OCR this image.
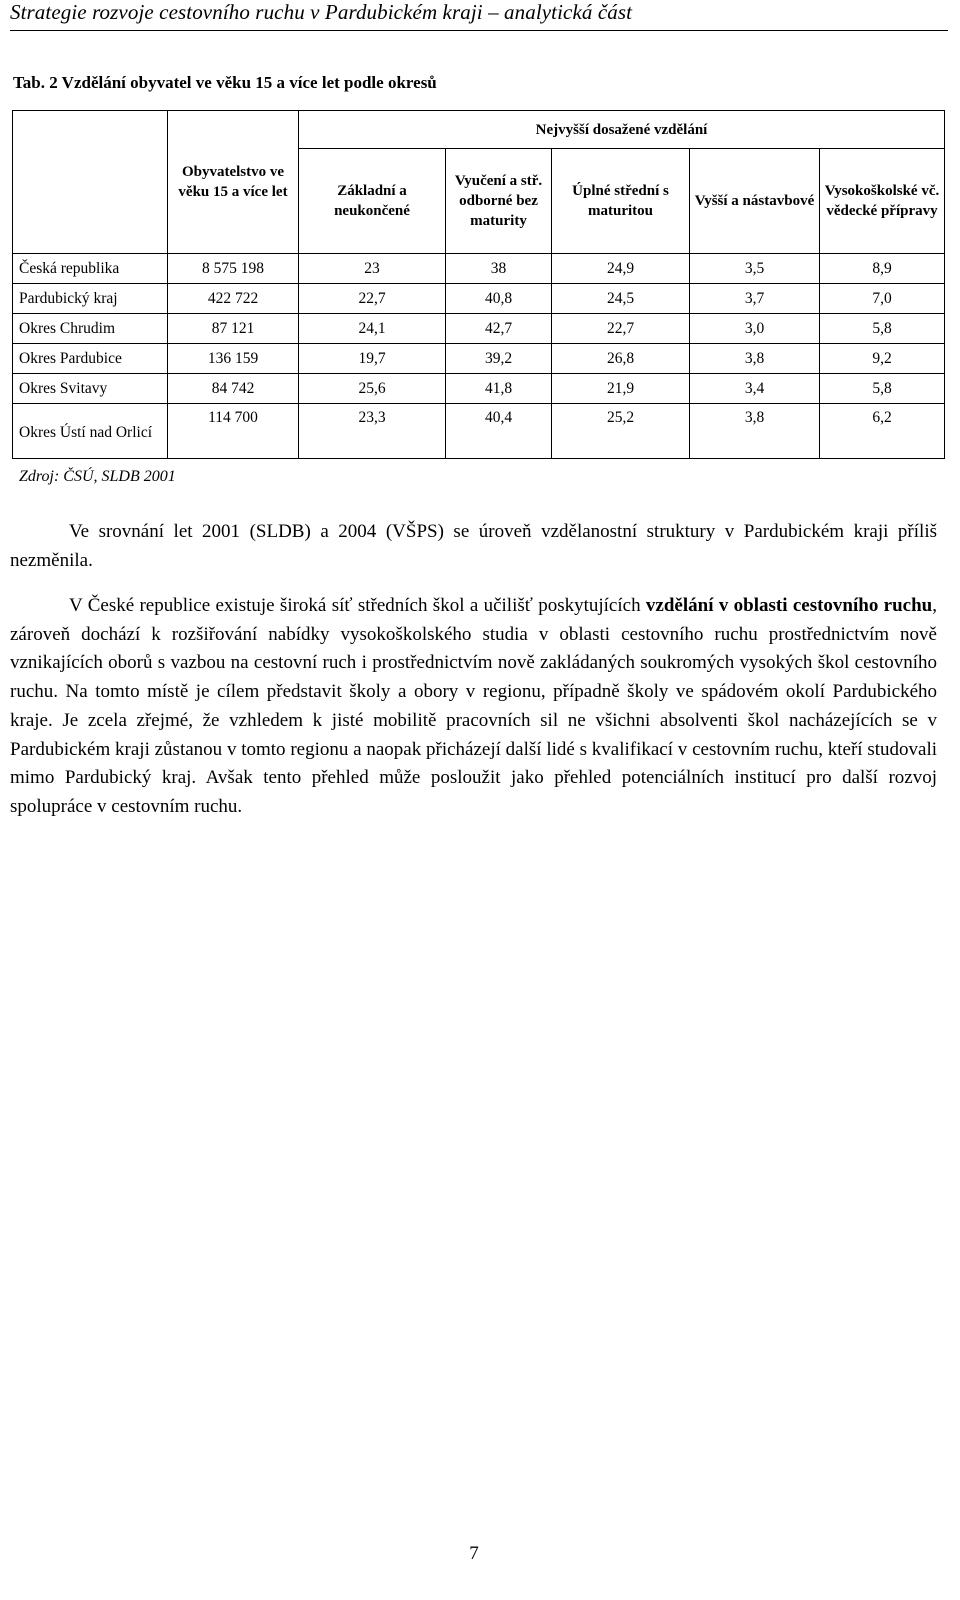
Strategie rozvoje cestovního ruchu v Pardubickém kraji – analytická část
Tab. 2 Vzdělání obyvatel ve věku 15 a více let podle okresů
	Obyvatelstvo ve věku 15 a více let	Nejvyšší dosažené vzdělání				
		Základní a neukončené	Vyučení a stř. odborné bez maturity	Úplné střední s maturitou	Vyšší a nástavbové	Vysokoškolské vč. vědecké přípravy
Česká republika	8 575 198	23	38	24,9	3,5	8,9
Pardubický kraj	422 722	22,7	40,8	24,5	3,7	7,0
Okres Chrudim	87 121	24,1	42,7	22,7	3,0	5,8
Okres Pardubice	136 159	19,7	39,2	26,8	3,8	9,2
Okres Svitavy	84 742	25,6	41,8	21,9	3,4	5,8
Okres Ústí nad Orlicí	114 700	23,3	40,4	25,2	3,8	6,2
Zdroj: ČSÚ, SLDB 2001

Ve srovnání let 2001 (SLDB) a 2004 (VŠPS) se úroveň vzdělanostní struktury v Pardubickém kraji příliš nezměnila.

V České republice existuje široká síť středních škol a učilišť poskytujících vzdělání v oblasti cestovního ruchu, zároveň dochází k rozšiřování nabídky vysokoškolského studia v oblasti cestovního ruchu prostřednictvím nově vznikajících oborů s vazbou na cestovní ruch i prostřednictvím nově zakládaných soukromých vysokých škol cestovního ruchu. Na tomto místě je cílem představit školy a obory v regionu, případně školy ve spádovém okolí Pardubického kraje. Je zcela zřejmé, že vzhledem k jisté mobilitě pracovních sil ne všichni absolventi škol nacházejících se v Pardubickém kraji zůstanou v tomto regionu a naopak přicházejí další lidé s kvalifikací v cestovním ruchu, kteří studovali mimo Pardubický kraj. Avšak tento přehled může posloužit jako přehled potenciálních institucí pro další rozvoj spolupráce v cestovním ruchu.

7
